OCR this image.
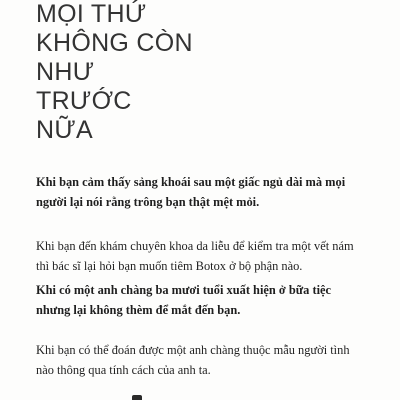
MỌI THỨ
KHÔNG CÒN
NHƯ
TRƯỚC
NỮA

Khi bạn cảm thấy sảng khoái sau một giấc ngủ dài mà mọi
người lại nói rằng trông bạn thật mệt mỏi.

Khi bạn đến khám chuyên khoa da liễu để kiểm tra một vết nám
thì bác sĩ lại hỏi bạn muốn tiêm Botox ở bộ phận nào.

Khi có một anh chàng ba mươi tuổi xuất hiện ở bữa tiệc
nhưng lại không thèm để mắt đến bạn.

Khi bạn có thể đoán được một anh chàng thuộc mẫu người tình
nào thông qua tính cách của anh ta.
